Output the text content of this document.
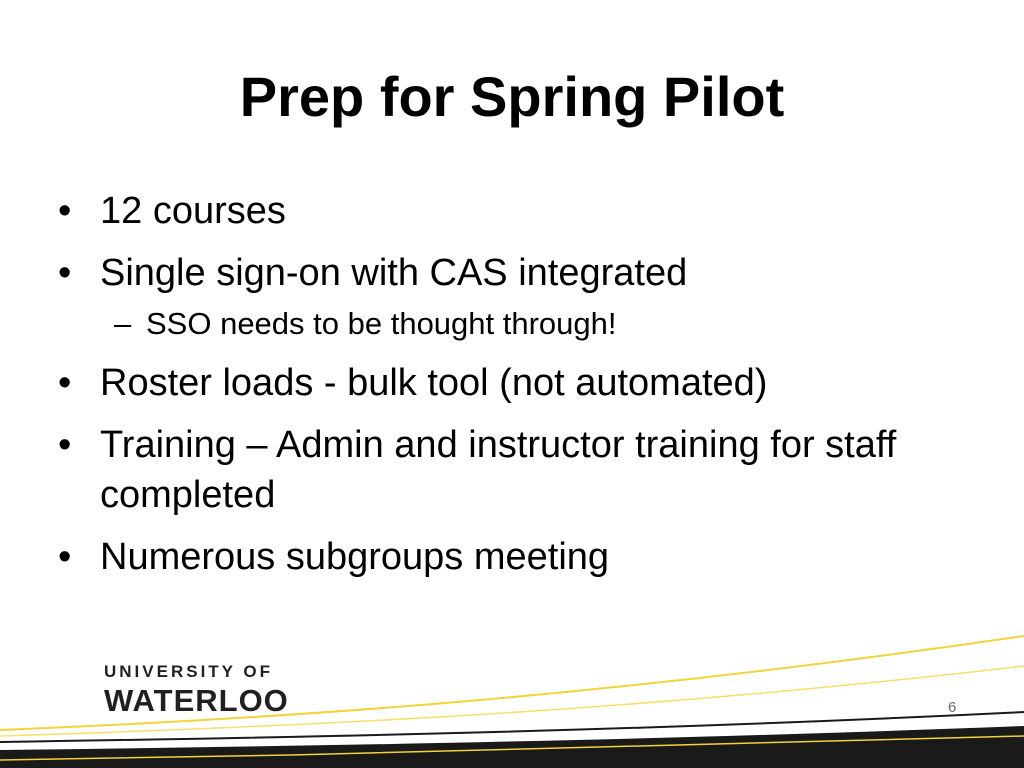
Prep for Spring Pilot
• 12 courses
• Single sign-on with CAS integrated
– SSO needs to be thought through!
• Roster loads - bulk tool (not automated)
• Training – Admin and instructor training for staff completed
• Numerous subgroups meeting
UNIVERSITY OF
WATERLOO	6
